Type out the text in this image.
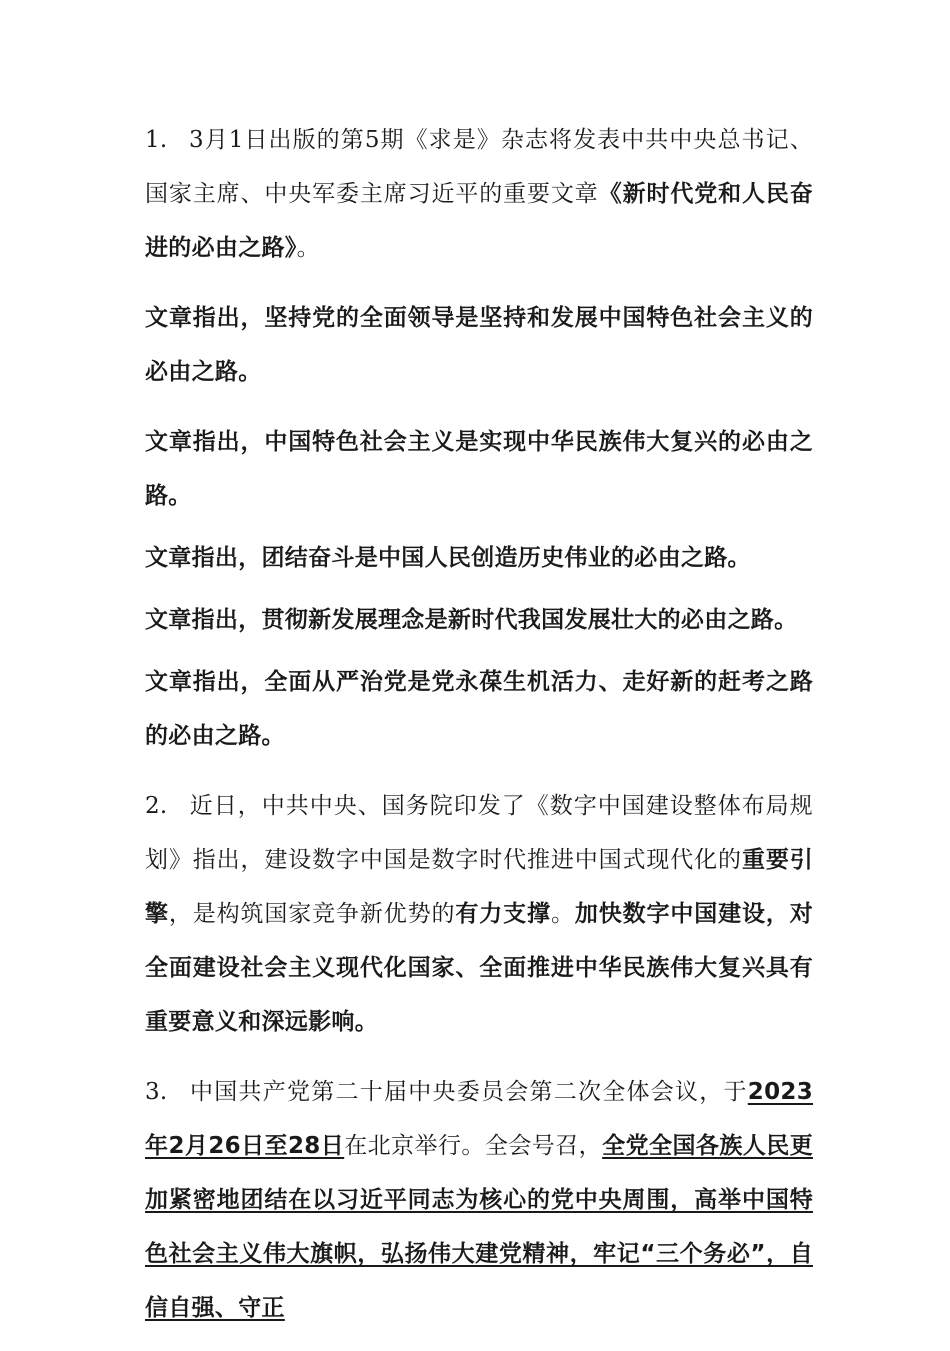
1. 3月1日出版的第5期《求是》杂志将发表中共中央总书记、国家主席、中央军委主席习近平的重要文章《新时代党和人民奋进的必由之路》。

文章指出，坚持党的全面领导是坚持和发展中国特色社会主义的必由之路。

文章指出，中国特色社会主义是实现中华民族伟大复兴的必由之路。

文章指出，团结奋斗是中国人民创造历史伟业的必由之路。

文章指出，贯彻新发展理念是新时代我国发展壮大的必由之路。

文章指出，全面从严治党是党永葆生机活力、走好新的赶考之路的必由之路。

2. 近日，中共中央、国务院印发了《数字中国建设整体布局规划》指出，建设数字中国是数字时代推进中国式现代化的重要引擎，是构筑国家竞争新优势的有力支撑。加快数字中国建设，对全面建设社会主义现代化国家、全面推进中华民族伟大复兴具有重要意义和深远影响。

3. 中国共产党第二十届中央委员会第二次全体会议，于2023年2月26日至28日在北京举行。全会号召，全党全国各族人民更加紧密地团结在以习近平同志为核心的党中央周围，高举中国特色社会主义伟大旗帜，弘扬伟大建党精神，牢记“三个务必”，自信自强、守正
